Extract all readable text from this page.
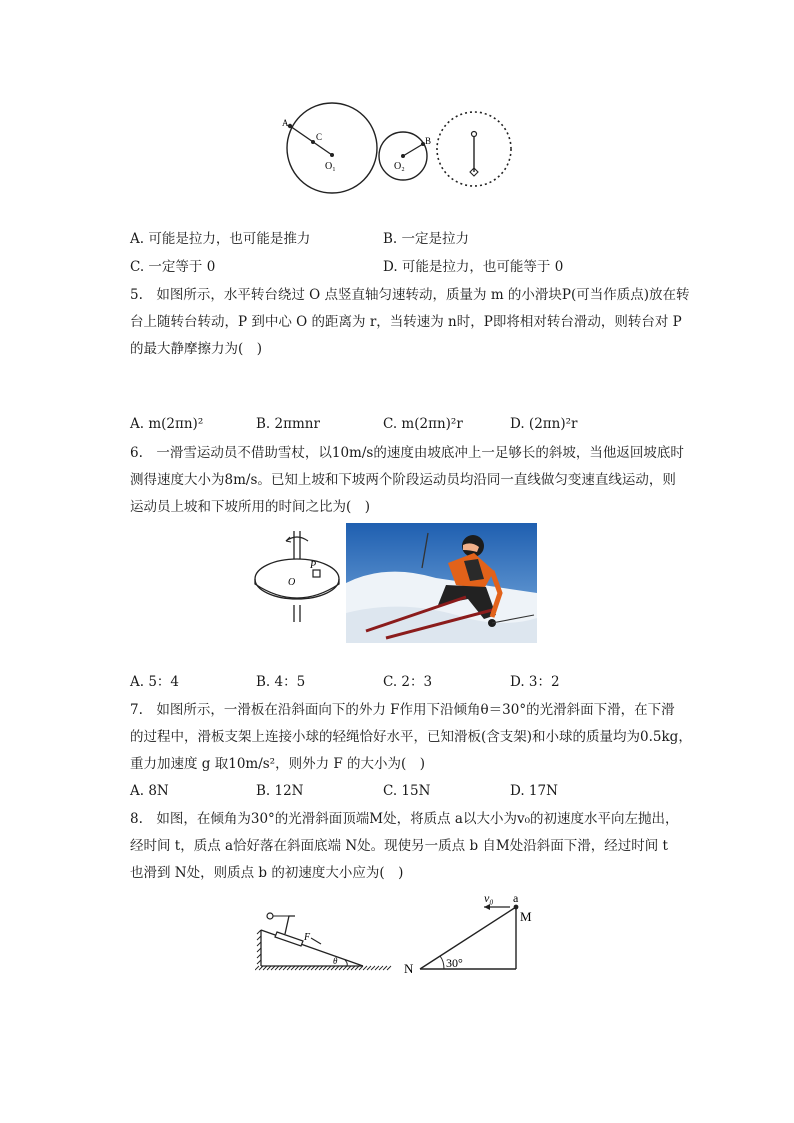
A
C
O₁	O₂
B
A. 可能是拉力，也可能是推力	B. 一定是拉力
C. 一定等于 0	D. 可能是拉力，也可能等于 0
5.　如图所示，水平转台绕过 O 点竖直轴匀速转动，质量为 m 的小滑块P(可当作质点)放在转
台上随转台转动，P 到中心 O 的距离为 r，当转速为 n时，P即将相对转台滑动，则转台对 P
的最大静摩擦力为(　)
A. m(2πn)²	B. 2πmnr	C. m(2πn)²r	D. (2πn)²r
6.　一滑雪运动员不借助雪杖，以10m/s的速度由坡底冲上一足够长的斜坡，当他返回坡底时
测得速度大小为8m/s。已知上坡和下坡两个阶段运动员均沿同一直线做匀变速直线运动，则
运动员上坡和下坡所用的时间之比为(　)
O
P
A. 5：4	B. 4：5	C. 2：3	D. 3：2
7.　如图所示，一滑板在沿斜面向下的外力 F作用下沿倾角θ＝30°的光滑斜面下滑，在下滑
的过程中，滑板支架上连接小球的轻绳恰好水平，已知滑板(含支架)和小球的质量均为0.5kg，
重力加速度 g 取10m/s²，则外力 F 的大小为(　)
A. 8N	B. 12N	C. 15N	D. 17N
8.　如图，在倾角为30°的光滑斜面顶端M处，将质点 a以大小为v₀的初速度水平向左抛出，
经时间 t，质点 a恰好落在斜面底端 N处。现使另一质点 b 自M处沿斜面下滑，经过时间 t
也滑到 N处，则质点 b 的初速度大小应为(　)
F
θ
v₀ a
M
N	30°
